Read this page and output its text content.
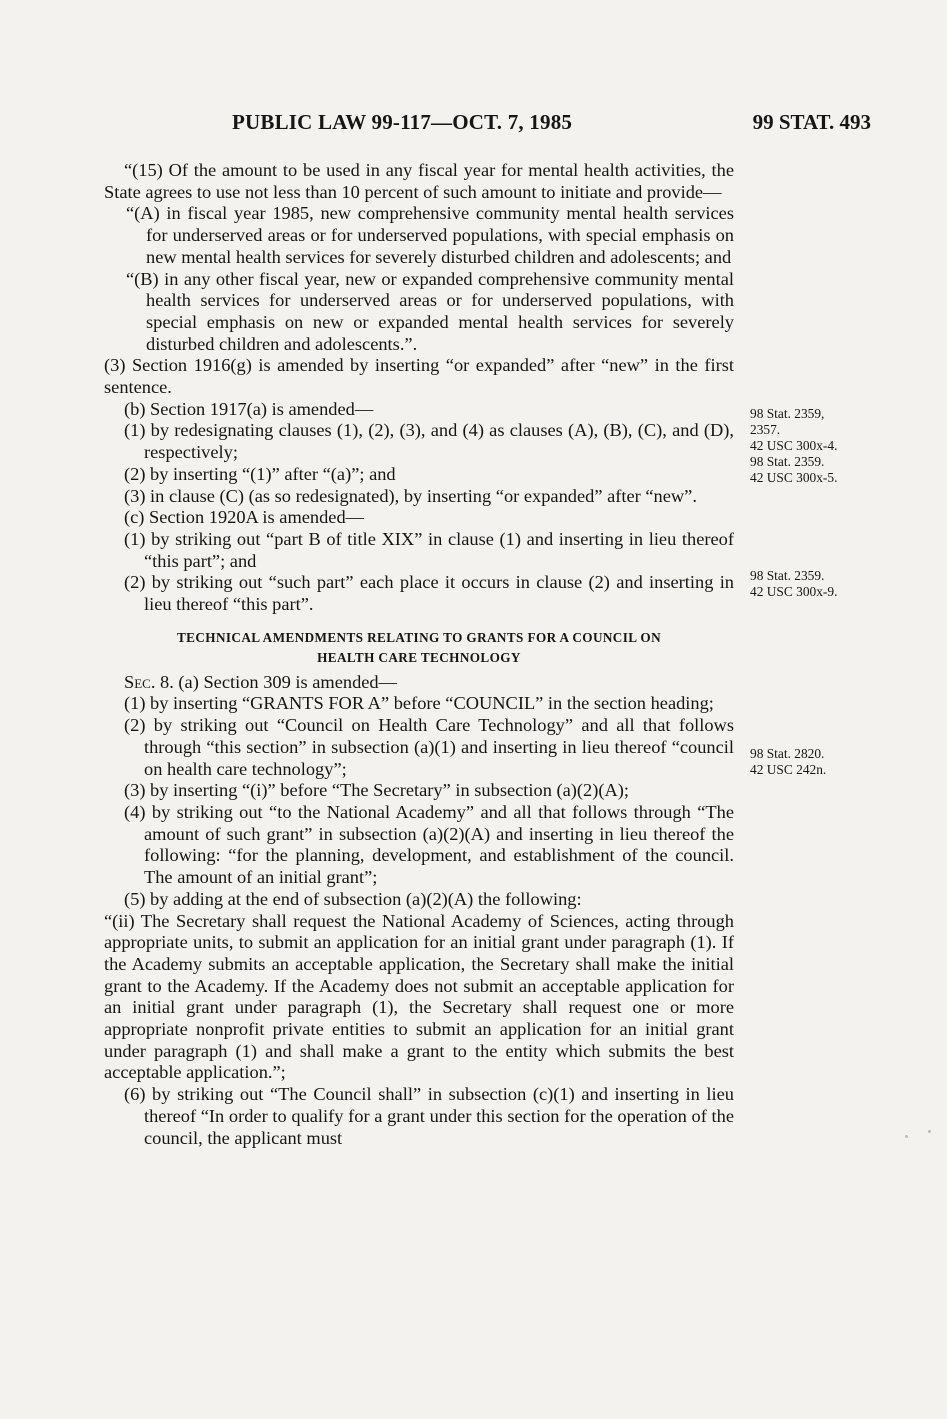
PUBLIC LAW 99-117—OCT. 7, 1985	99 STAT. 493

“(15) Of the amount to be used in any fiscal year for mental health activities, the State agrees to use not less than 10 percent of such amount to initiate and provide—

“(A) in fiscal year 1985, new comprehensive community mental health services for underserved areas or for underserved populations, with special emphasis on new mental health services for severely disturbed children and adolescents; and

“(B) in any other fiscal year, new or expanded comprehensive community mental health services for underserved areas or for underserved populations, with special emphasis on new or expanded mental health services for severely disturbed children and adolescents.”.

(3) Section 1916(g) is amended by inserting “or expanded” after “new” in the first sentence.

(b) Section 1917(a) is amended—

(1) by redesignating clauses (1), (2), (3), and (4) as clauses (A), (B), (C), and (D), respectively;

(2) by inserting “(1)” after “(a)”; and

(3) in clause (C) (as so redesignated), by inserting “or expanded” after “new”.

(c) Section 1920A is amended—

(1) by striking out “part B of title XIX” in clause (1) and inserting in lieu thereof “this part”; and

(2) by striking out “such part” each place it occurs in clause (2) and inserting in lieu thereof “this part”.

TECHNICAL AMENDMENTS RELATING TO GRANTS FOR A COUNCIL ON
HEALTH CARE TECHNOLOGY

Sec. 8. (a) Section 309 is amended—

(1) by inserting “GRANTS FOR A” before “COUNCIL” in the section heading;

(2) by striking out “Council on Health Care Technology” and all that follows through “this section” in subsection (a)(1) and inserting in lieu thereof “council on health care technology”;

(3) by inserting “(i)” before “The Secretary” in subsection (a)(2)(A);

(4) by striking out “to the National Academy” and all that follows through “The amount of such grant” in subsection (a)(2)(A) and inserting in lieu thereof the following: “for the planning, development, and establishment of the council. The amount of an initial grant”;

(5) by adding at the end of subsection (a)(2)(A) the following:

“(ii) The Secretary shall request the National Academy of Sciences, acting through appropriate units, to submit an application for an initial grant under paragraph (1). If the Academy submits an acceptable application, the Secretary shall make the initial grant to the Academy. If the Academy does not submit an acceptable application for an initial grant under paragraph (1), the Secretary shall request one or more appropriate nonprofit private entities to submit an application for an initial grant under paragraph (1) and shall make a grant to the entity which submits the best acceptable application.”;

(6) by striking out “The Council shall” in subsection (c)(1) and inserting in lieu thereof “In order to qualify for a grant under this section for the operation of the council, the applicant must

98 Stat. 2359,
2357.
42 USC 300x-4.
98 Stat. 2359.
42 USC 300x-5.
98 Stat. 2359.
42 USC 300x-9.
98 Stat. 2820.
42 USC 242n.
